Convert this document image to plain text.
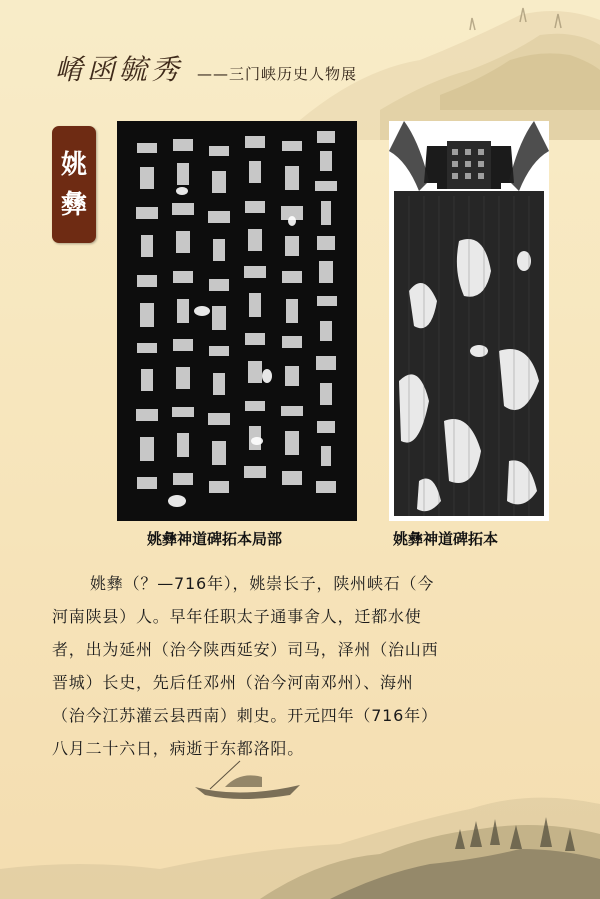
崤函毓秀 ——三门峡历史人物展
姚
彝
姚彝神道碑拓本局部	姚彝神道碑拓本
姚彝（？—716年），姚崇长子，陕州峡石（今
河南陕县）人。早年任职太子通事舍人，迁都水使
者，出为延州（治今陕西延安）司马，泽州（治山西
晋城）长史，先后任邓州（治今河南邓州）、海州
（治今江苏灌云县西南）刺史。开元四年（716年）
八月二十六日，病逝于东都洛阳。
